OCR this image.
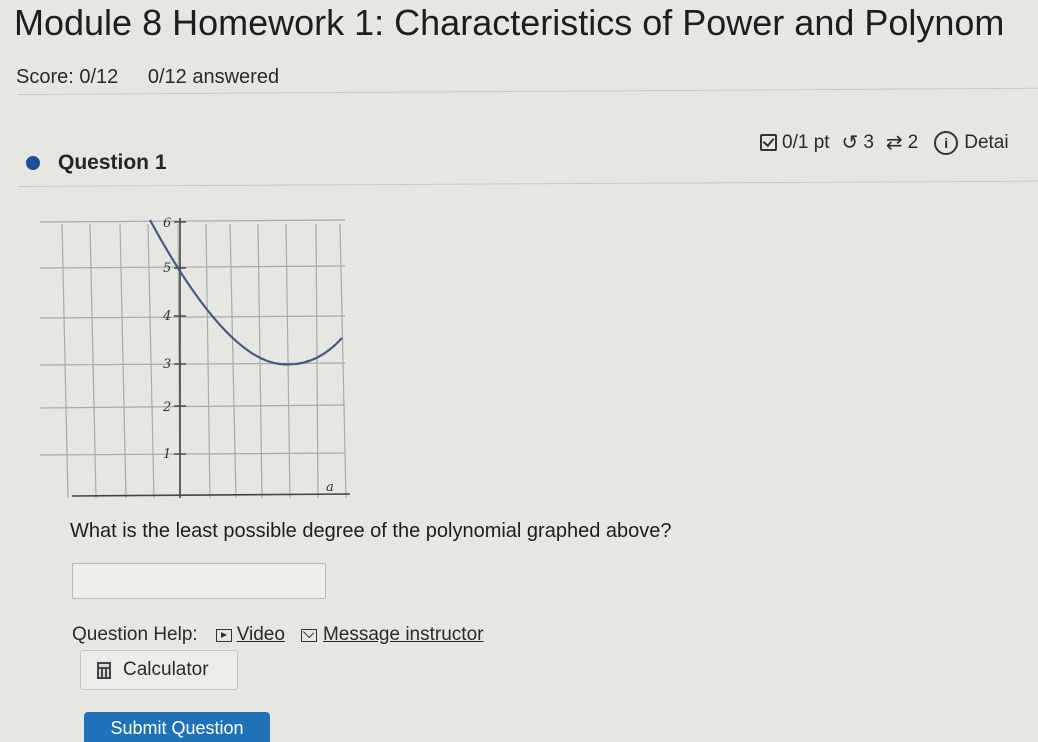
Module 8 Homework 1: Characteristics of Power and Polynom
Score: 0/12 0/12 answered
Question 1
0/1 pt ↺ 3 ⇄ 2	i Detai
6
5
4
3
2
1
a
What is the least possible degree of the polynomial graphed above?
Question Help: Video Message instructor
Calculator
Submit Question
